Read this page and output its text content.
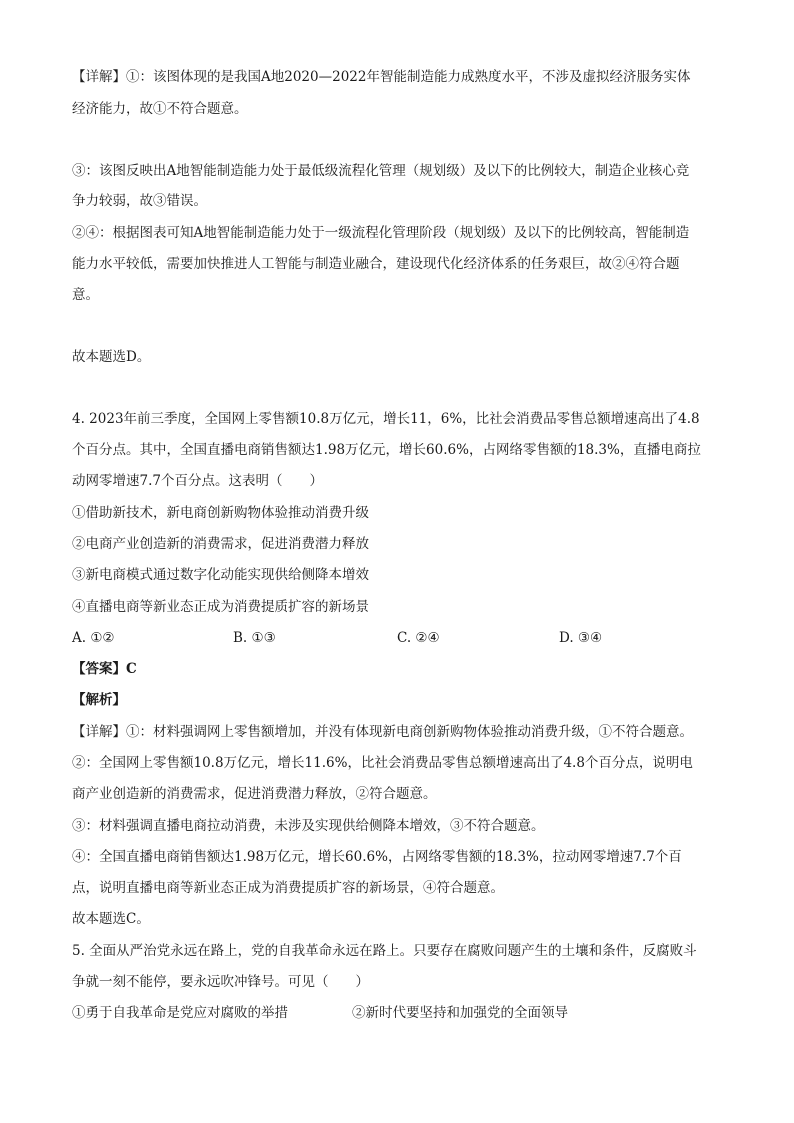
【详解】①：该图体现的是我国A地2020—2022年智能制造能力成熟度水平，不涉及虚拟经济服务实体
经济能力，故①不符合题意。
③：该图反映出A地智能制造能力处于最低级流程化管理（规划级）及以下的比例较大，制造企业核心竞
争力较弱，故③错误。
②④：根据图表可知A地智能制造能力处于一级流程化管理阶段（规划级）及以下的比例较高，智能制造
能力水平较低，需要加快推进人工智能与制造业融合，建设现代化经济体系的任务艰巨，故②④符合题
意。
故本题选D。
4. 2023年前三季度，全国网上零售额10.8万亿元，增长11，6%，比社会消费品零售总额增速高出了4.8
个百分点。其中，全国直播电商销售额达1.98万亿元，增长60.6%，占网络零售额的18.3%，直播电商拉
动网零增速7.7个百分点。这表明（　　）
①借助新技术，新电商创新购物体验推动消费升级
②电商产业创造新的消费需求，促进消费潜力释放
③新电商模式通过数字化动能实现供给侧降本增效
④直播电商等新业态正成为消费提质扩容的新场景
A. ①②	B. ①③	C. ②④	D. ③④
【答案】C
【解析】
【详解】①：材料强调网上零售额增加，并没有体现新电商创新购物体验推动消费升级，①不符合题意。
②：全国网上零售额10.8万亿元，增长11.6%，比社会消费品零售总额增速高出了4.8个百分点，说明电
商产业创造新的消费需求，促进消费潜力释放，②符合题意。
③：材料强调直播电商拉动消费，未涉及实现供给侧降本增效，③不符合题意。
④：全国直播电商销售额达1.98万亿元，增长60.6%，占网络零售额的18.3%，拉动网零增速7.7个百
点，说明直播电商等新业态正成为消费提质扩容的新场景，④符合题意。
故本题选C。
5. 全面从严治党永远在路上，党的自我革命永远在路上。只要存在腐败问题产生的土壤和条件，反腐败斗
争就一刻不能停，要永远吹冲锋号。可见（　　）
①勇于自我革命是党应对腐败的举措	②新时代要坚持和加强党的全面领导
